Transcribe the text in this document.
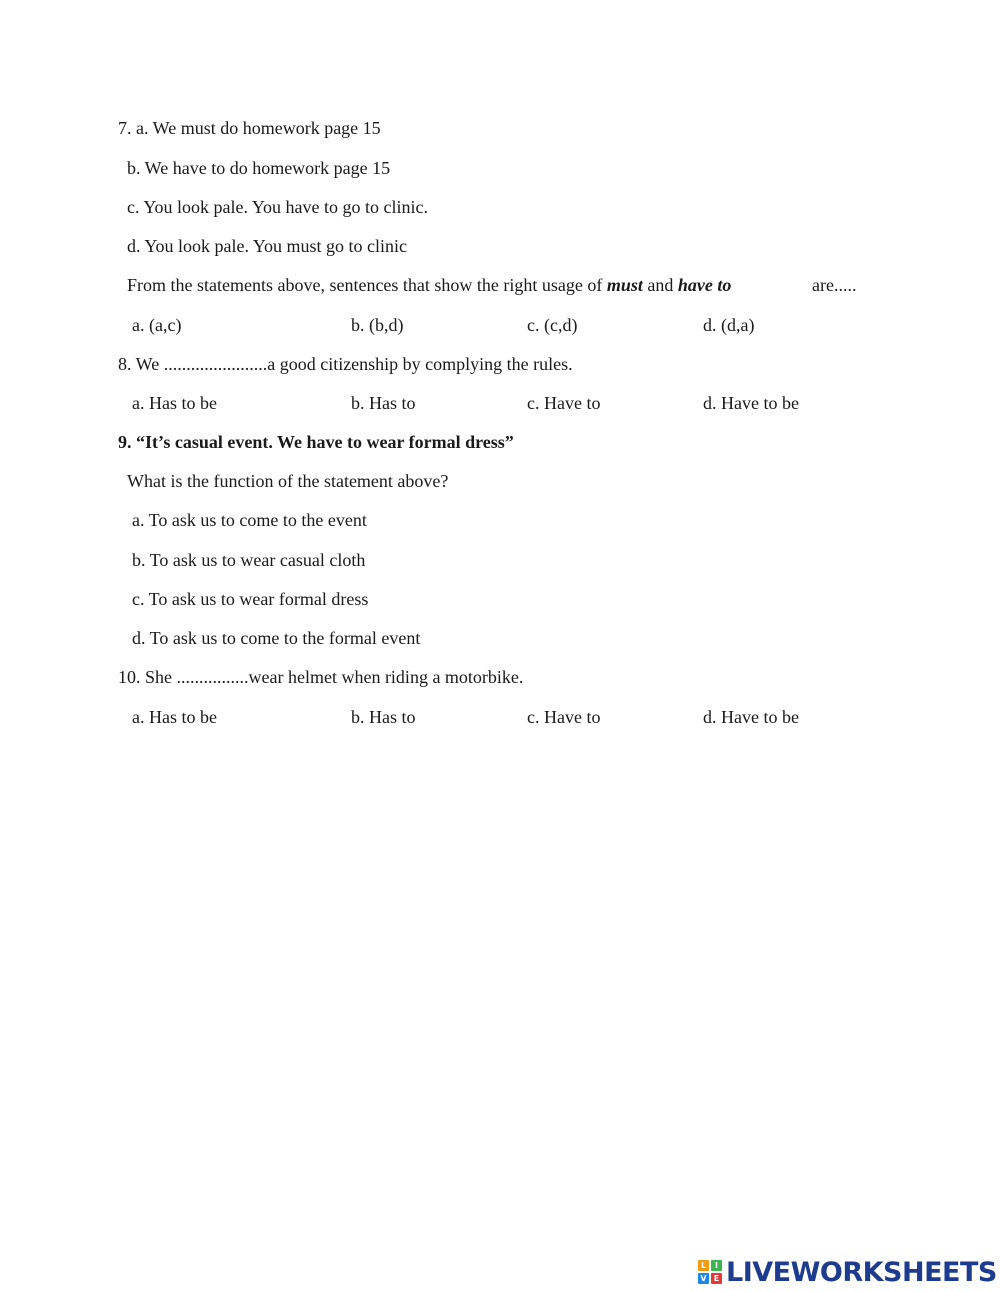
7. a. We must do homework page 15
b. We have to do homework page 15
c. You look pale. You have to go to clinic.
d. You look pale. You must go to clinic
From the statements above, sentences that show the right usage of must and have to	are.....
a. (a,c)	b. (b,d)	c. (c,d)	d. (d,a)
8. We .......................a good citizenship by complying the rules.
a. Has to be	b. Has to	c. Have to	d. Have to be
9. “It’s casual event. We have to wear formal dress”
What is the function of the statement above?
a. To ask us to come to the event
b. To ask us to wear casual cloth
c. To ask us to wear formal dress
d. To ask us to come to the formal event
10. She ................wear helmet when riding a motorbike.
a. Has to be	b. Has to	c. Have to	d. Have to be
L	I
V E LIVEWORKSHEETS
